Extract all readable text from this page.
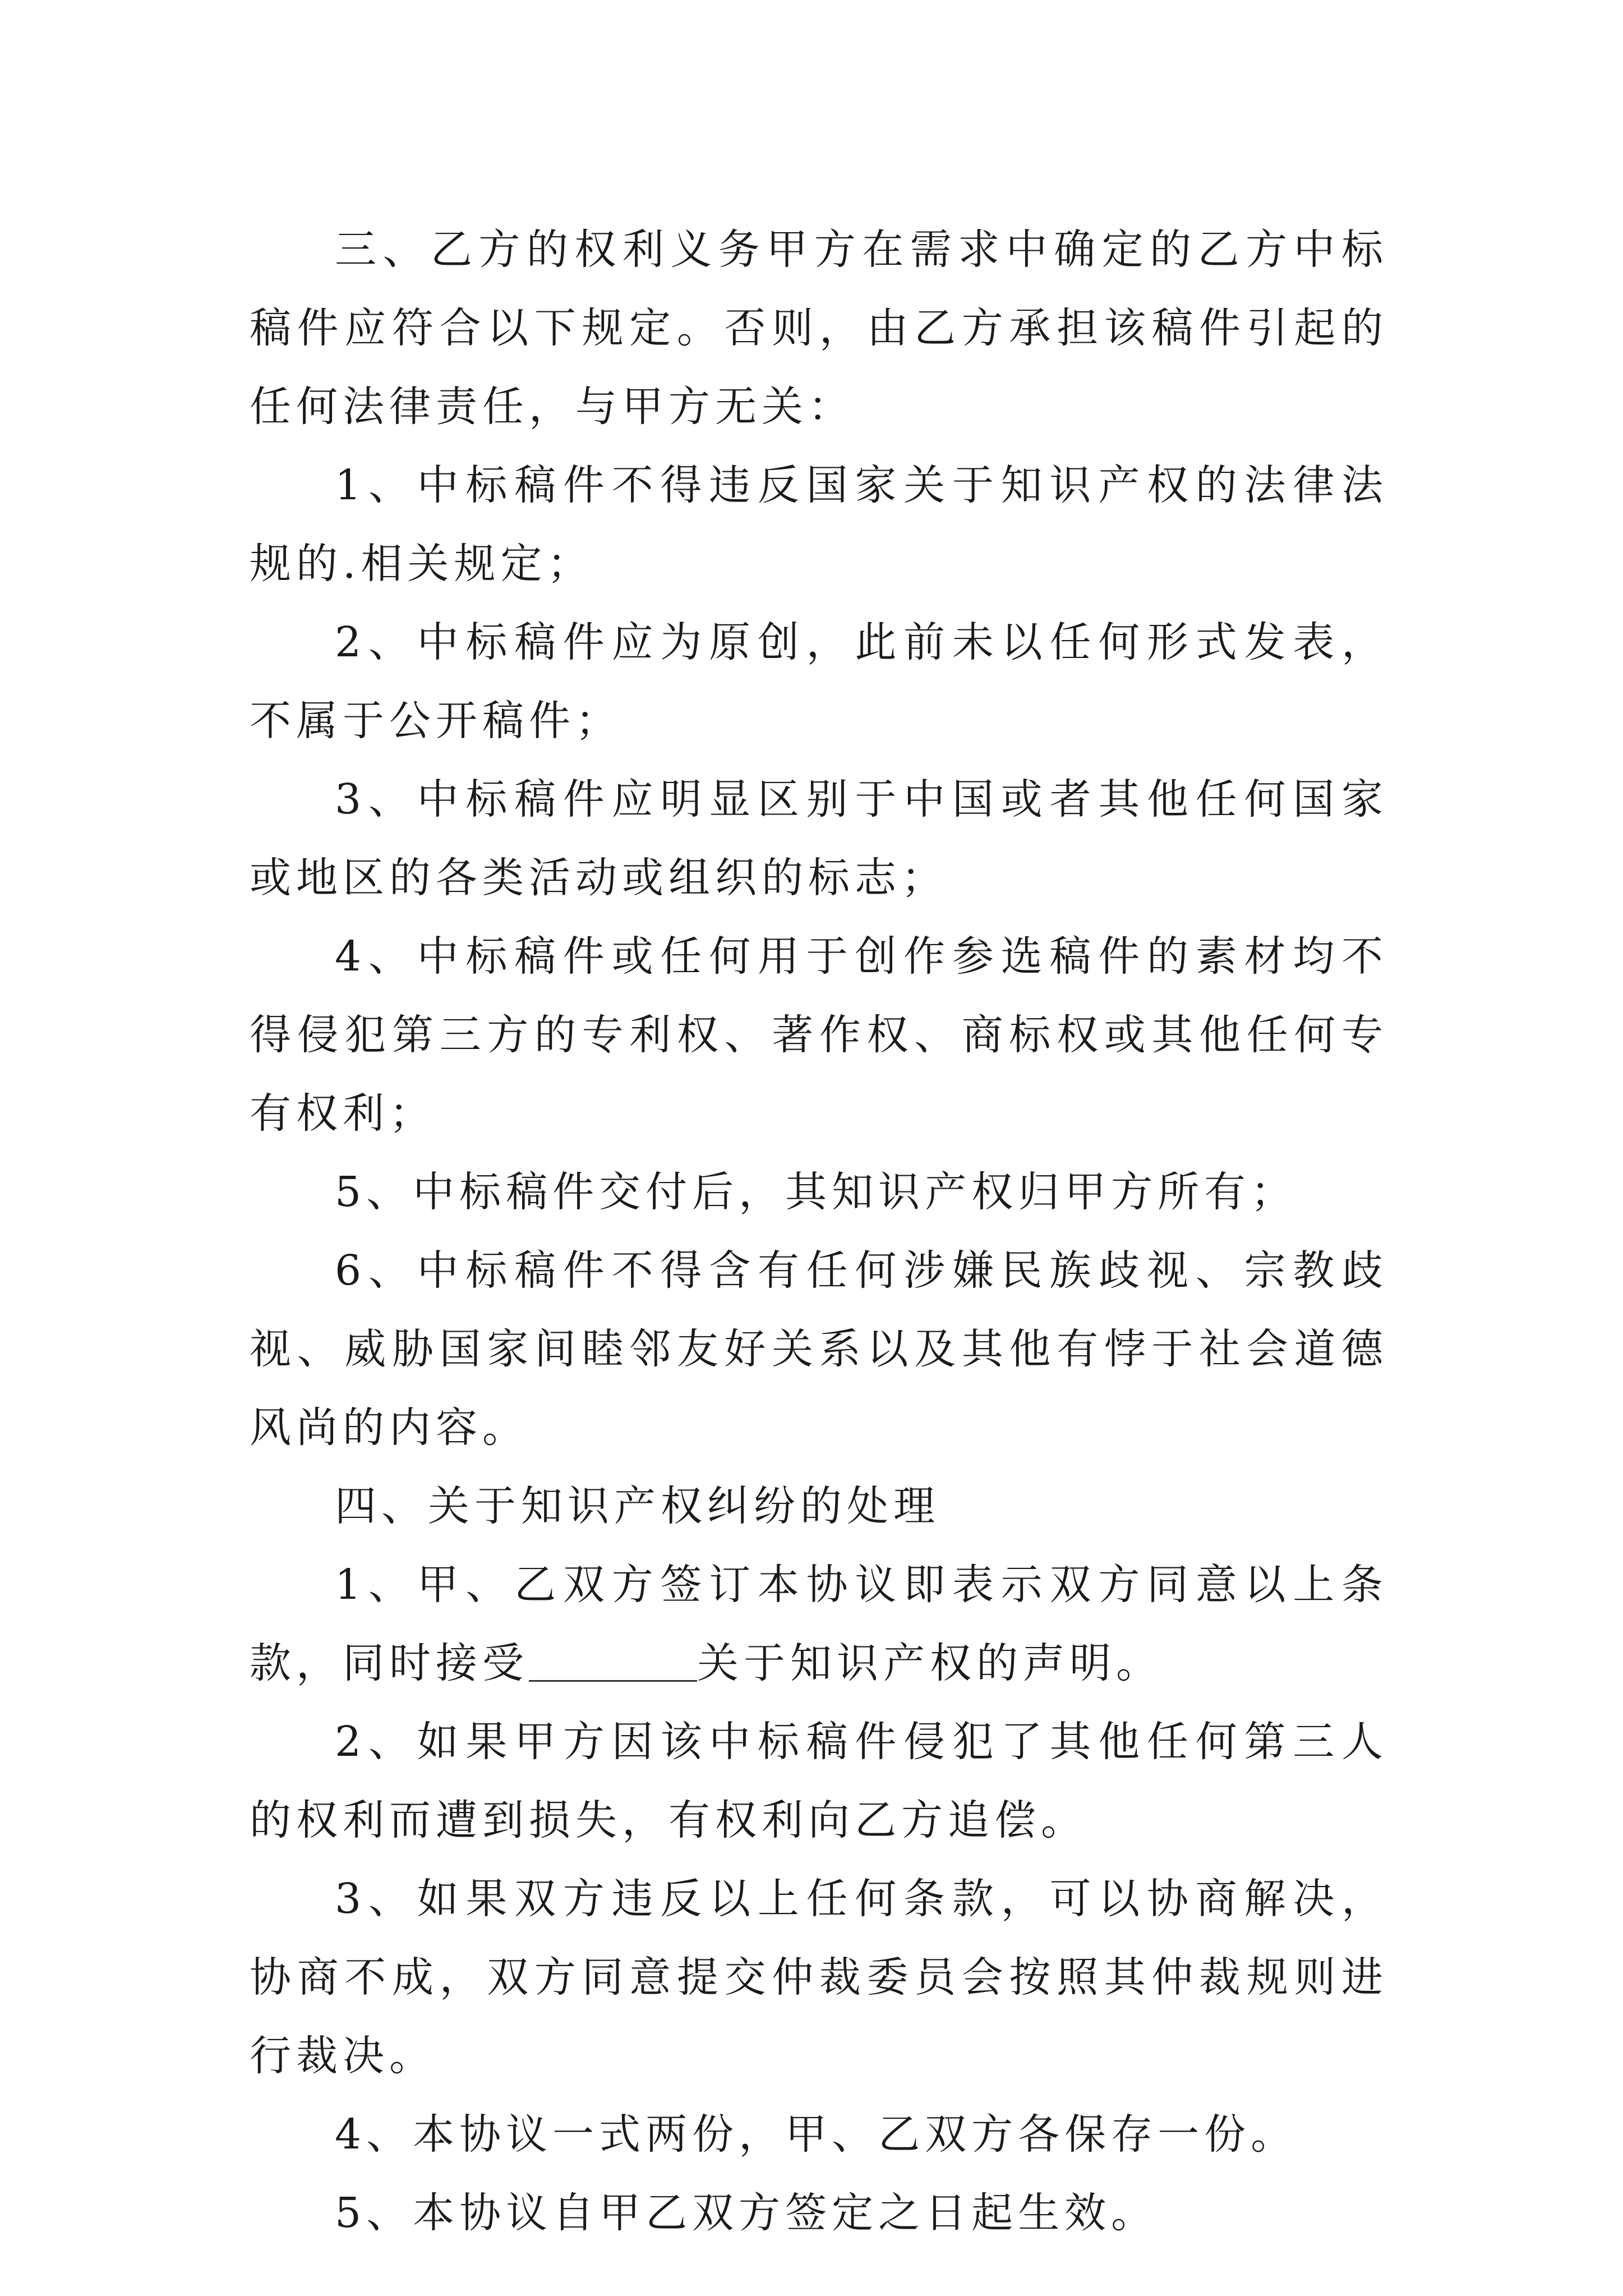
三、乙方的权利义务甲方在需求中确定的乙方中标稿件应符合以下规定。否则，由乙方承担该稿件引起的任何法律责任，与甲方无关：

1、中标稿件不得违反国家关于知识产权的法律法规的.相关规定；

2、中标稿件应为原创，此前未以任何形式发表，不属于公开稿件；

3、中标稿件应明显区别于中国或者其他任何国家或地区的各类活动或组织的标志；

4、中标稿件或任何用于创作参选稿件的素材均不得侵犯第三方的专利权、著作权、商标权或其他任何专有权利；

5、中标稿件交付后，其知识产权归甲方所有；

6、中标稿件不得含有任何涉嫌民族歧视、宗教歧视、威胁国家间睦邻友好关系以及其他有悖于社会道德风尚的内容。

四、关于知识产权纠纷的处理

1、甲、乙双方签订本协议即表示双方同意以上条款，同时接受	关于知识产权的声明。

2、如果甲方因该中标稿件侵犯了其他任何第三人的权利而遭到损失，有权利向乙方追偿。

3、如果双方违反以上任何条款，可以协商解决，协商不成，双方同意提交仲裁委员会按照其仲裁规则进行裁决。

4、本协议一式两份，甲、乙双方各保存一份。

5、本协议自甲乙双方签定之日起生效。
